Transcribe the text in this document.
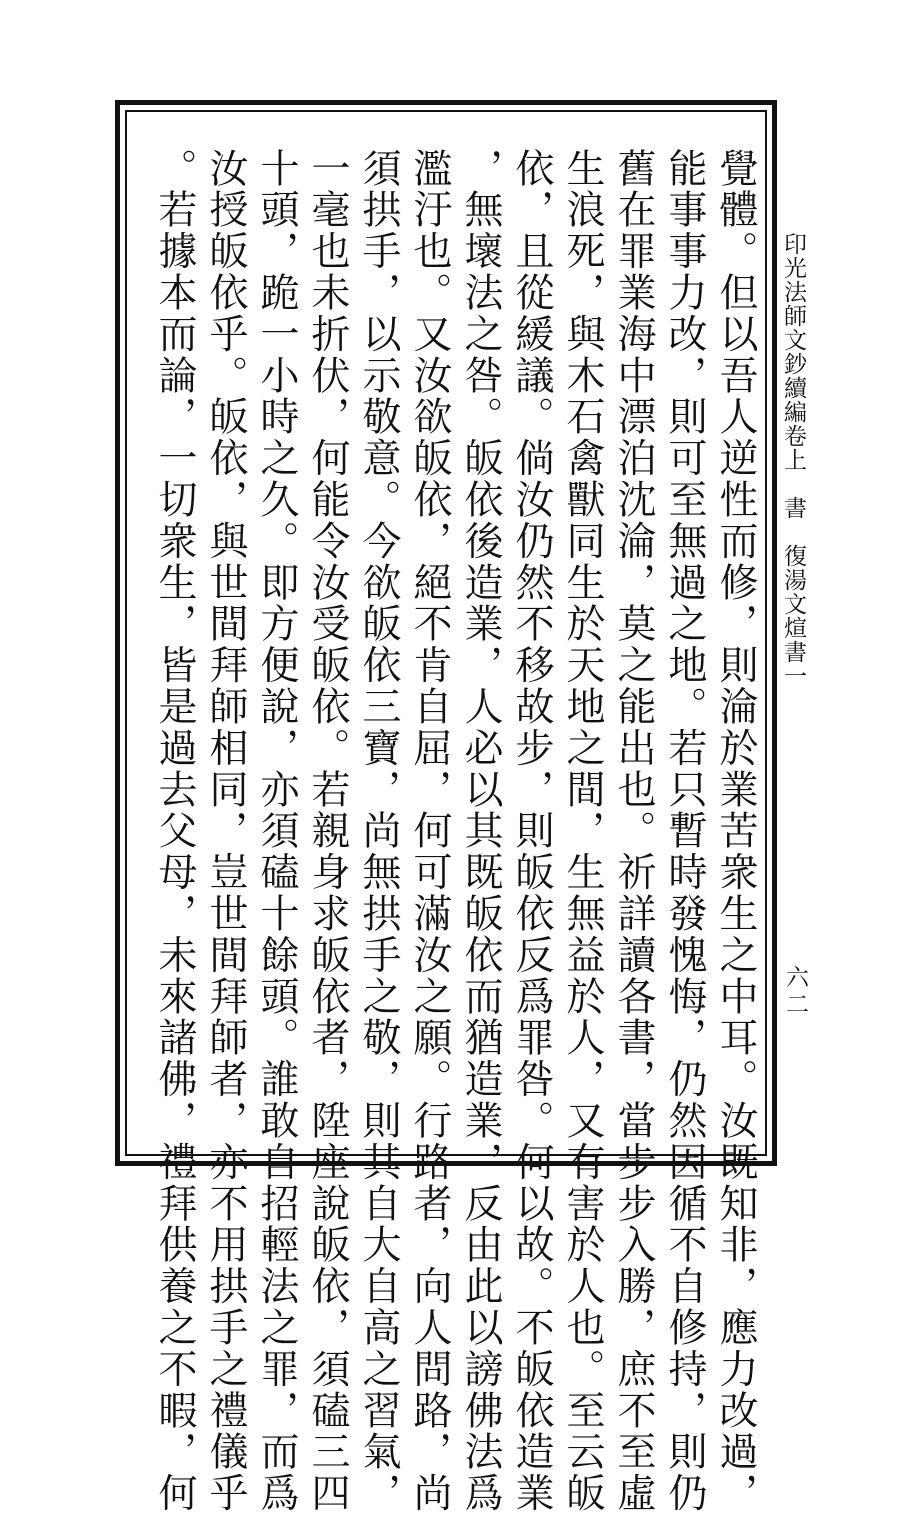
印光法師文鈔續編卷上　書　復湯文煊書一
六二
覺體。但以吾人逆性而修，則淪於業苦衆生之中耳。汝既知非，應力改過，
能事事力改，則可至無過之地。若只暫時發愧悔，仍然因循不自修持，則仍
舊在罪業海中漂泊沈淪，莫之能出也。祈詳讀各書，當步步入勝，庶不至虛
生浪死，與木石禽獸同生於天地之間，生無益於人，又有害於人也。至云皈
依，且從緩議。倘汝仍然不移故步，則皈依反爲罪咎。何以故。不皈依造業
，無壞法之咎。皈依後造業，人必以其既皈依而猶造業，反由此以謗佛法爲
濫汙也。又汝欲皈依，絕不肯自屈，何可滿汝之願。行路者，向人問路，尚
須拱手，以示敬意。今欲皈依三寶，尚無拱手之敬，則其自大自高之習氣，
一毫也未折伏，何能令汝受皈依。若親身求皈依者，陞座說皈依，須磕三四
十頭，跪一小時之久。即方便說，亦須磕十餘頭。誰敢自招輕法之罪，而爲
汝授皈依乎。皈依，與世間拜師相同，豈世間拜師者，亦不用拱手之禮儀乎
。若據本而論，一切衆生，皆是過去父母，未來諸佛，禮拜供養之不暇，何
